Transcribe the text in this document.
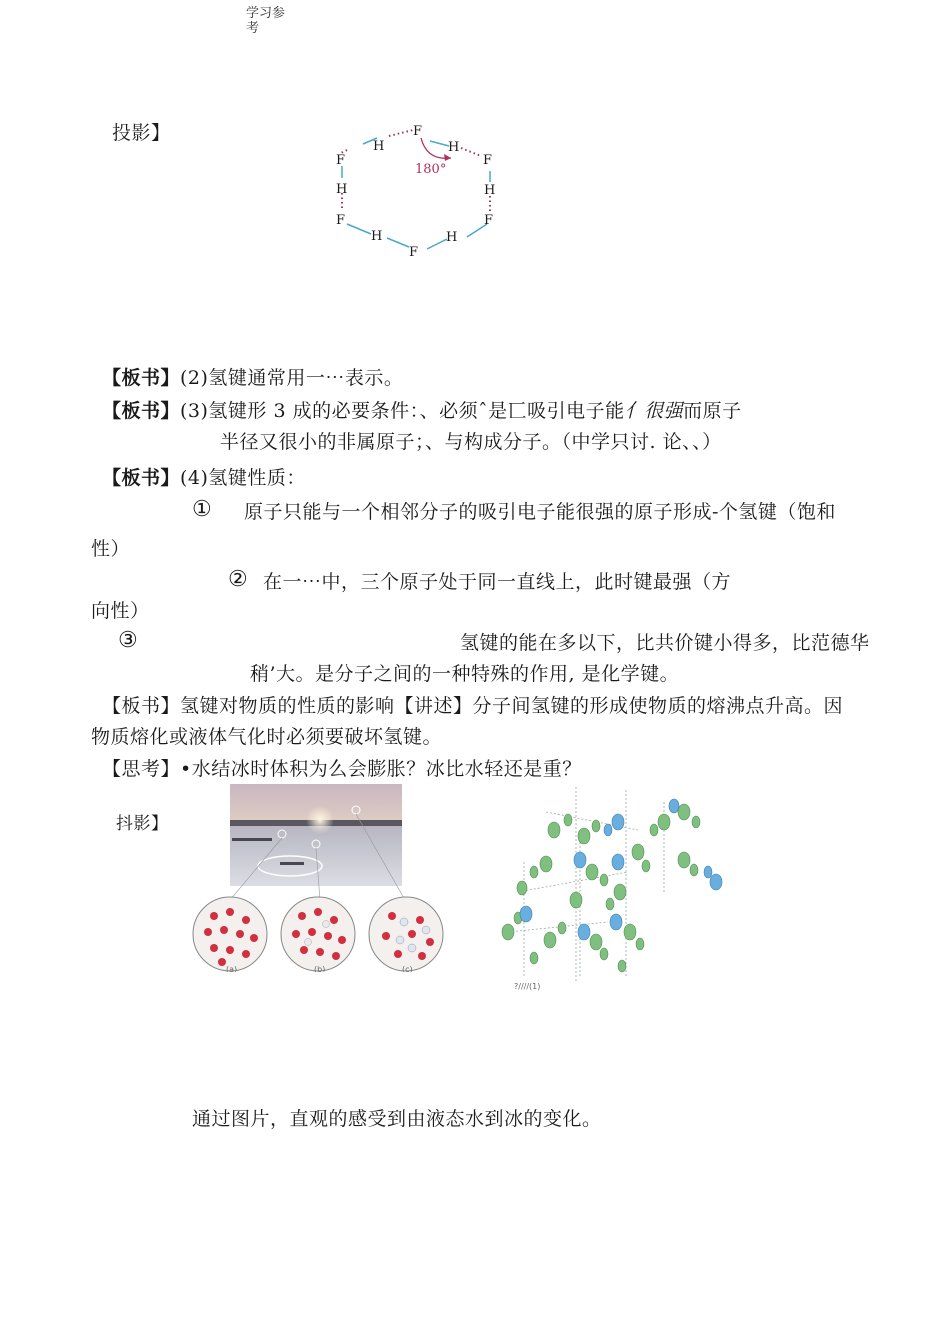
学习参
考
投影】
H
F
H
F	F
H	H
F
H
F
H
F
180°
【板书】(2)氢键通常用一⋯表示。
【板书】(3)氢键形 3 成的必要条件：、必须ˆ是匸吸引电子能亻很强而原子
半径又很小的非属原子；、与构成分子。（中学只讨. 论、、）
【板书】(4)氢键性质：
① 原子只能与一个相邻分子的吸引电子能很强的原子形成-个氢键（饱和
性）
② 在一⋯中，三个原子处于同一直线上，此时键最强（方
向性）
③	氢键的能在多以下，比共价键小得多，比范德华
稍’大。是分子之间的一种特殊的作用, 是化学键。
【板书】氢键对物质的性质的影响【讲述】分子间氢键的形成使物质的熔沸点升高。因
物质熔化或液体气化时必须要破坏氢键。
【思考】•水结冰时体积为么会膨胀？冰比水轻还是重？
抖影】
(a)	(b)	(c)
?////(1)
通过图片，直观的感受到由液态水到冰的变化。
